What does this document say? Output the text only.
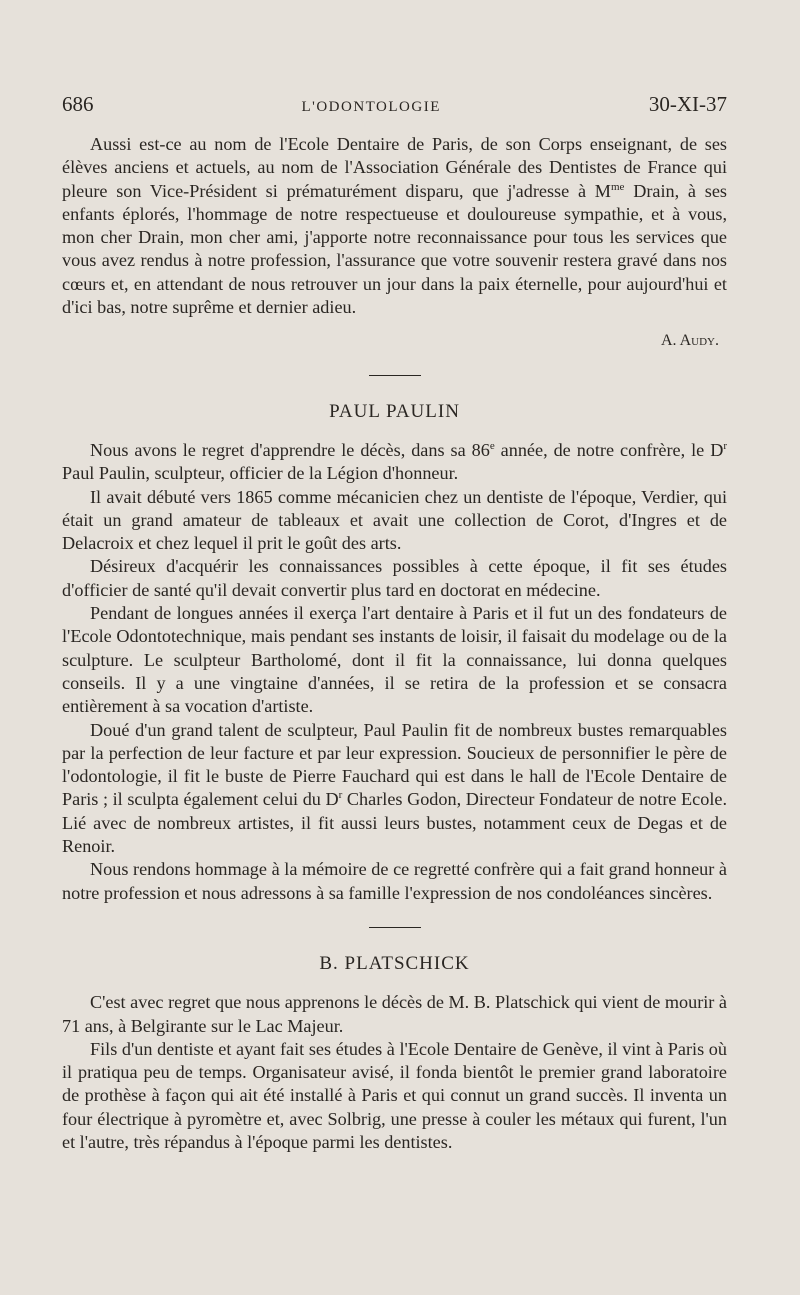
686	L'ODONTOLOGIE	30-XI-37

Aussi est-ce au nom de l'Ecole Dentaire de Paris, de son Corps enseignant, de ses élèves anciens et actuels, au nom de l'Association Générale des Dentistes de France qui pleure son Vice-Président si prématurément disparu, que j'adresse à $M^{me}$ Drain, à ses enfants éplorés, l'hommage de notre respectueuse et douloureuse sympathie, et à vous, mon cher Drain, mon cher ami, j'apporte notre reconnaissance pour tous les services que vous avez rendus à notre profession, l'assurance que votre souvenir restera gravé dans nos cœurs et, en attendant de nous retrouver un jour dans la paix éternelle, pour aujourd'hui et d'ici bas, notre suprême et dernier adieu.

A. Audy.
PAUL PAULIN

Nous avons le regret d'apprendre le décès, dans sa 86e année, de notre confrère, le $D^r$ Paul Paulin, sculpteur, officier de la Légion d'honneur.

Il avait débuté vers 1865 comme mécanicien chez un dentiste de l'époque, Verdier, qui était un grand amateur de tableaux et avait une collection de Corot, d'Ingres et de Delacroix et chez lequel il prit le goût des arts.

Désireux d'acquérir les connaissances possibles à cette époque, il fit ses études d'officier de santé qu'il devait convertir plus tard en doctorat en médecine.

Pendant de longues années il exerça l'art dentaire à Paris et il fut un des fondateurs de l'Ecole Odontotechnique, mais pendant ses instants de loisir, il faisait du modelage ou de la sculpture. Le sculpteur Bartholomé, dont il fit la connaissance, lui donna quelques conseils. Il y a une vingtaine d'années, il se retira de la profession et se consacra entièrement à sa vocation d'artiste.

Doué d'un grand talent de sculpteur, Paul Paulin fit de nombreux bustes remarquables par la perfection de leur facture et par leur expression. Soucieux de personnifier le père de l'odontologie, il fit le buste de Pierre Fauchard qui est dans le hall de l'Ecole Dentaire de Paris ; il sculpta également celui du $D^r$ Charles Godon, Directeur Fondateur de notre Ecole. Lié avec de nombreux artistes, il fit aussi leurs bustes, notamment ceux de Degas et de Renoir.

Nous rendons hommage à la mémoire de ce regretté confrère qui a fait grand honneur à notre profession et nous adressons à sa famille l'expression de nos condoléances sincères.

B. PLATSCHICK

C'est avec regret que nous apprenons le décès de M. B. Platschick qui vient de mourir à 71 ans, à Belgirante sur le Lac Majeur.

Fils d'un dentiste et ayant fait ses études à l'Ecole Dentaire de Genève, il vint à Paris où il pratiqua peu de temps. Organisateur avisé, il fonda bientôt le premier grand laboratoire de prothèse à façon qui ait été installé à Paris et qui connut un grand succès. Il inventa un four électrique à pyromètre et, avec Solbrig, une presse à couler les métaux qui furent, l'un et l'autre, très répandus à l'époque parmi les dentistes.
